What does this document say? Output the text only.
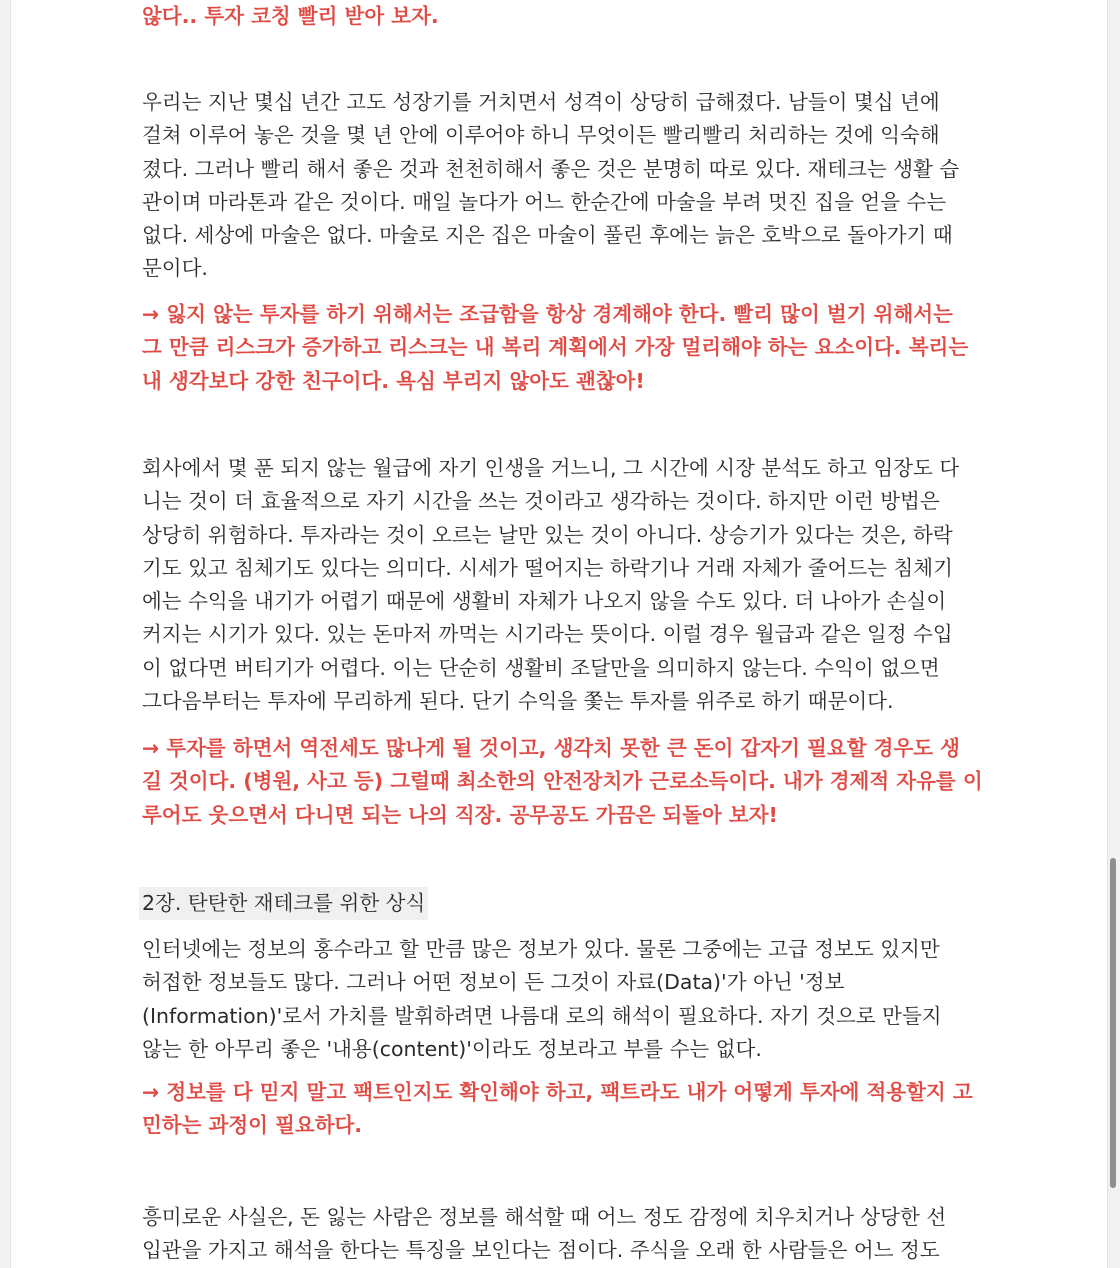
않다.. 투자 코칭 빨리 받아 보자.
우리는 지난 몇십 년간 고도 성장기를 거치면서 성격이 상당히 급해졌다. 남들이 몇십 년에
걸쳐 이루어 놓은 것을 몇 년 안에 이루어야 하니 무엇이든 빨리빨리 처리하는 것에 익숙해
졌다. 그러나 빨리 해서 좋은 것과 천천히해서 좋은 것은 분명히 따로 있다. 재테크는 생활 습
관이며 마라톤과 같은 것이다. 매일 놀다가 어느 한순간에 마술을 부려 멋진 집을 얻을 수는
없다. 세상에 마술은 없다. 마술로 지은 집은 마술이 풀린 후에는 늙은 호박으로 돌아가기 때
문이다.
→ 잃지 않는 투자를 하기 위해서는 조급함을 항상 경계해야 한다. 빨리 많이 벌기 위해서는
그 만큼 리스크가 증가하고 리스크는 내 복리 계획에서 가장 멀리해야 하는 요소이다. 복리는
내 생각보다 강한 친구이다. 욕심 부리지 않아도 괜찮아!
회사에서 몇 푼 되지 않는 월급에 자기 인생을 거느니, 그 시간에 시장 분석도 하고 임장도 다
니는 것이 더 효율적으로 자기 시간을 쓰는 것이라고 생각하는 것이다. 하지만 이런 방법은
상당히 위험하다. 투자라는 것이 오르는 날만 있는 것이 아니다. 상승기가 있다는 것은, 하락
기도 있고 침체기도 있다는 의미다. 시세가 떨어지는 하락기나 거래 자체가 줄어드는 침체기
에는 수익을 내기가 어렵기 때문에 생활비 자체가 나오지 않을 수도 있다. 더 나아가 손실이
커지는 시기가 있다. 있는 돈마저 까먹는 시기라는 뜻이다. 이럴 경우 월급과 같은 일정 수입
이 없다면 버티기가 어렵다. 이는 단순히 생활비 조달만을 의미하지 않는다. 수익이 없으면
그다음부터는 투자에 무리하게 된다. 단기 수익을 쫓는 투자를 위주로 하기 때문이다.
→ 투자를 하면서 역전세도 많나게 될 것이고, 생각치 못한 큰 돈이 갑자기 필요할 경우도 생
길 것이다. (병원, 사고 등) 그럴때 최소한의 안전장치가 근로소득이다. 내가 경제적 자유를 이
루어도 웃으면서 다니면 되는 나의 직장. 공무공도 가끔은 되돌아 보자!
2장. 탄탄한 재테크를 위한 상식
인터넷에는 정보의 홍수라고 할 만큼 많은 정보가 있다. 물론 그중에는 고급 정보도 있지만
허접한 정보들도 많다. 그러나 어떤 정보이 든 그것이 자료(Data)'가 아닌 '정보
(Information)'로서 가치를 발휘하려면 나름대 로의 해석이 필요하다. 자기 것으로 만들지
않는 한 아무리 좋은 '내용(content)'이라도 정보라고 부를 수는 없다.
→ 정보를 다 믿지 말고 팩트인지도 확인해야 하고, 팩트라도 내가 어떻게 투자에 적용할지 고
민하는 과정이 필요하다.
흥미로운 사실은, 돈 잃는 사람은 정보를 해석할 때 어느 정도 감정에 치우치거나 상당한 선
입관을 가지고 해석을 한다는 특징을 보인다는 점이다. 주식을 오래 한 사람들은 어느 정도
